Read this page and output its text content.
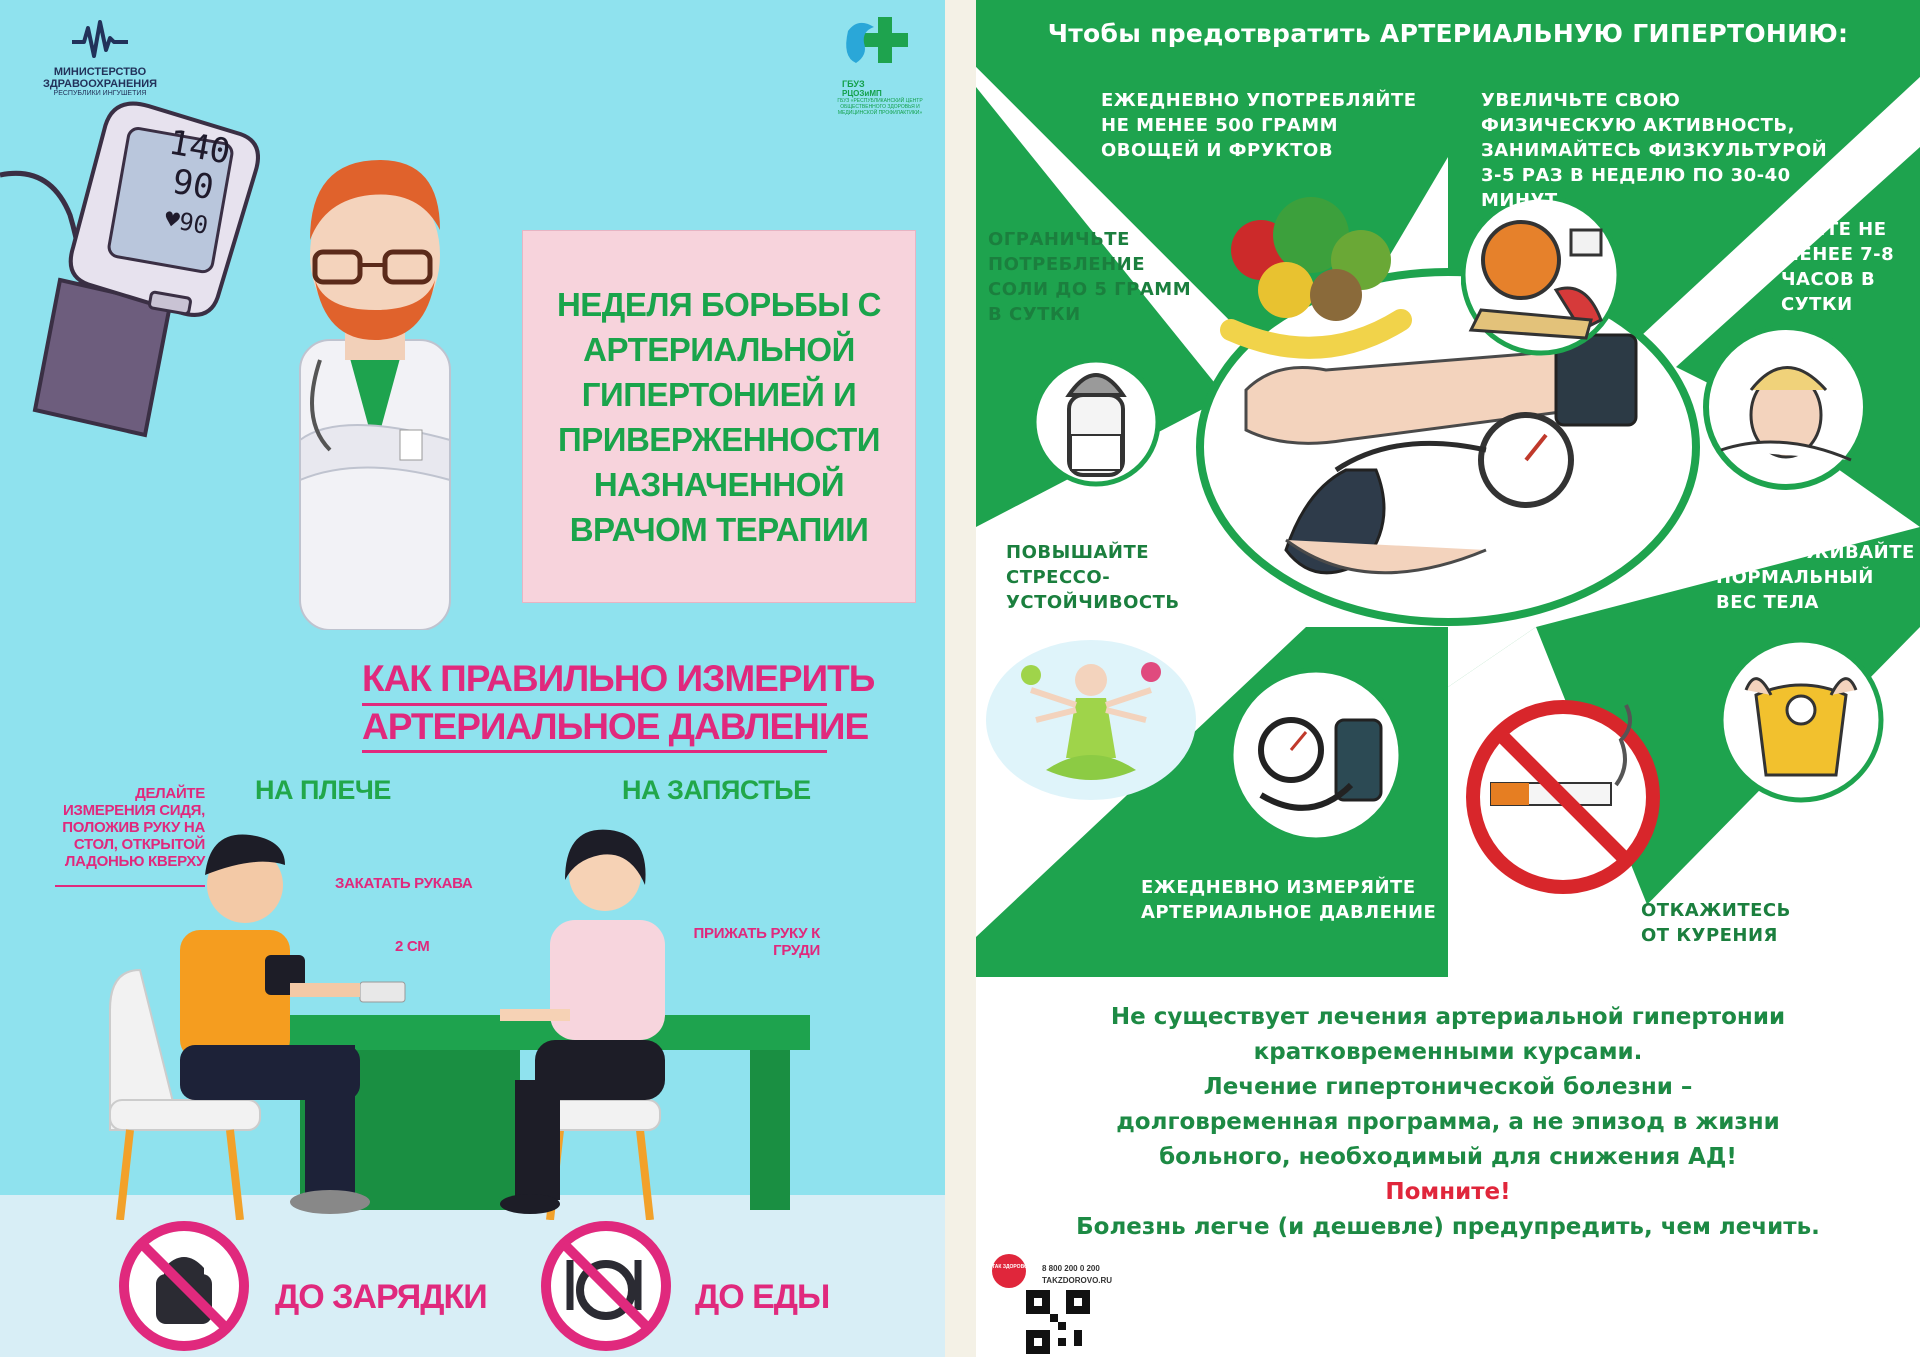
МИНИСТЕРСТВО
ЗДРАВООХРАНЕНИЯ
РЕСПУБЛИКИ ИНГУШЕТИЯ
ГБУЗ
РЦОЗиМП
ГБУЗ «РЕСПУБЛИКАНСКИЙ ЦЕНТР ОБЩЕСТВЕННОГО ЗДОРОВЬЯ И МЕДИЦИНСКОЙ ПРОФИЛАКТИКИ»
140
90
♥90
НЕДЕЛЯ БОРЬБЫ С АРТЕРИАЛЬНОЙ ГИПЕРТОНИЕЙ И ПРИВЕРЖЕННОСТИ НАЗНАЧЕННОЙ ВРАЧОМ ТЕРАПИИ
КАК ПРАВИЛЬНО ИЗМЕРИТЬ
АРТЕРИАЛЬНОЕ ДАВЛЕНИЕ
НА ПЛЕЧЕ	НА ЗАПЯСТЬЕ
ДЕЛАЙТЕ ИЗМЕРЕНИЯ СИДЯ, ПОЛОЖИВ РУКУ НА СТОЛ, ОТКРЫТОЙ ЛАДОНЬЮ КВЕРХУ
ЗАКАТАТЬ РУКАВА
2 СМ
ПРИЖАТЬ РУКУ К ГРУДИ
ДО ЗАРЯДКИ	ДО ЕДЫ
Чтобы предотвратить АРТЕРИАЛЬНУЮ ГИПЕРТОНИЮ:
ЕЖЕДНЕВНО УПОТРЕБЛЯЙТЕ НЕ МЕНЕЕ 500 ГРАММ ОВОЩЕЙ И ФРУКТОВ
УВЕЛИЧЬТЕ СВОЮ ФИЗИЧЕСКУЮ АКТИВНОСТЬ, ЗАНИМАЙТЕСЬ ФИЗКУЛЬТУРОЙ 3-5 РАЗ В НЕДЕЛЮ ПО 30-40 МИНУТ
ОГРАНИЧЬТЕ ПОТРЕБЛЕНИЕ СОЛИ ДО 5 ГРАММ В СУТКИ
СПИТЕ НЕ МЕНЕЕ 7-8 ЧАСОВ В СУТКИ
ПОВЫШАЙТЕ СТРЕССО-УСТОЙЧИВОСТЬ
ПОДДЕРЖИВАЙТЕ НОРМАЛЬНЫЙ ВЕС ТЕЛА
ЕЖЕДНЕВНО ИЗМЕРЯЙТЕ АРТЕРИАЛЬНОЕ ДАВЛЕНИЕ	ОТКАЖИТЕСЬ ОТ КУРЕНИЯ
Не существует лечения артериальной гипертонии
кратковременными курсами.
Лечение гипертонической болезни –
долговременная программа, а не эпизод в жизни
больного, необходимый для снижения АД!
Помните!
Болезнь легче (и дешевле) предупредить, чем лечить.
ТАК ЗДОРОВО 8 800 200 0 200
TAKZDOROVO.RU
